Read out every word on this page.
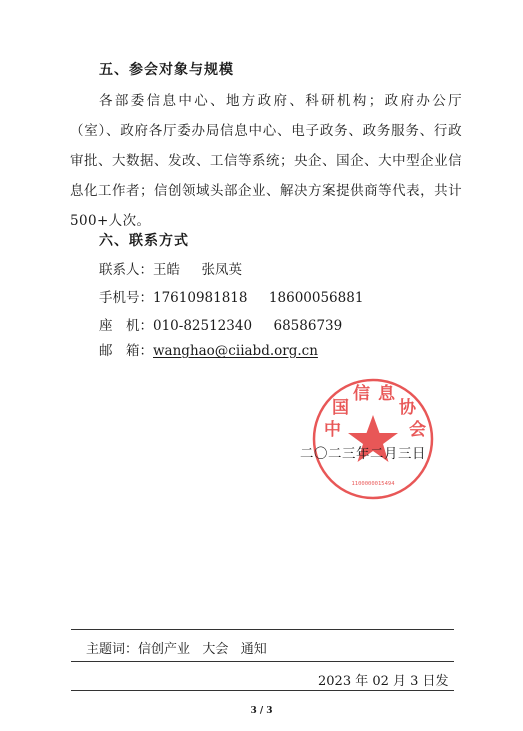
五、参会对象与规模
各部委信息中心、地方政府、科研机构；政府办公厅（室）、政府各厅委办局信息中心、电子政务、政务服务、行政审批、大数据、发改、工信等系统；央企、国企、大中型企业信息化工作者；信创领域头部企业、解决方案提供商等代表，共计 500+人次。
六、联系方式
联系人：王皓     张凤英
手机号：17610981818     18600056881
座　机：010-82512340     68586739
邮　箱：wanghao@ciiabd.org.cn
中 国 信 息 协 会
1100000015494
二〇二三年二月三日
主题词：信创产业   大会   通知
2023 年 02 月 3 日发
3 / 3
